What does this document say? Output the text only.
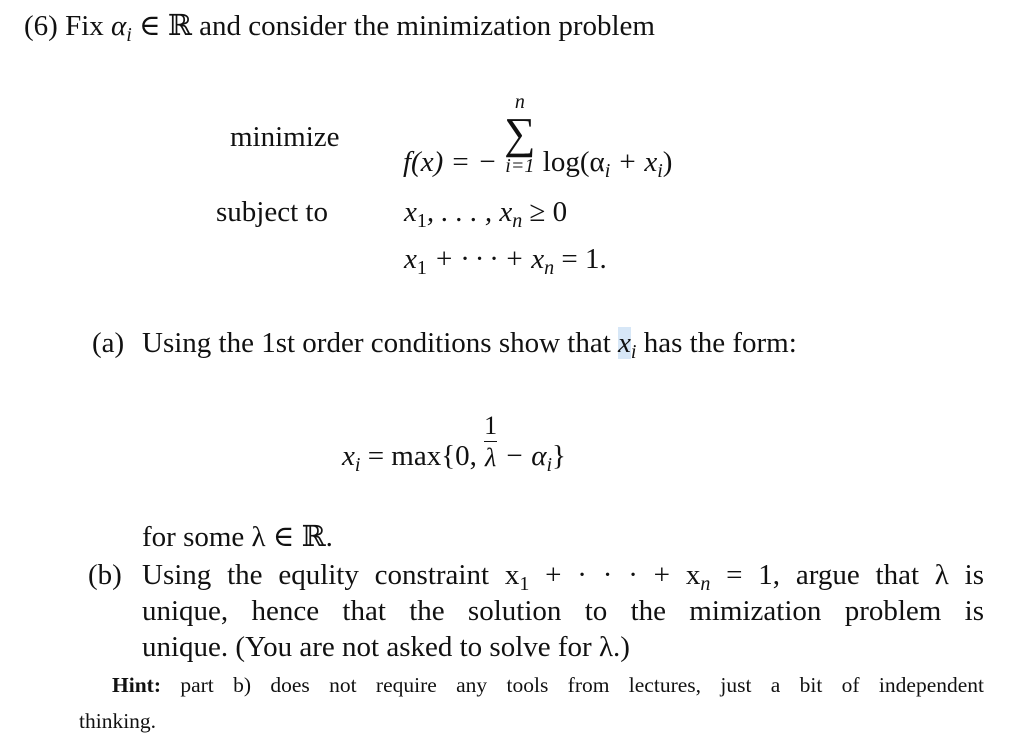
(6) Fix $\alpha_i$ ∈ ℝ and consider the minimization problem
minimize
f(x) = −
n
∑
i=1 $\log(\alpha_i + x_i)$
subject to	$x_1$, . . . , $x_n \ge 0$
$x_1$ + · · · + $x_n = 1$.
(a) Using the 1st order conditions show that $x_i$ has the form:
$x_i = \max\{0$, $\frac{1}{\lambda} - \alpha_i$}
for some λ ∈ ℝ.
(b) Using the equlity constraint $x_1$ + · · · + $x_n = 1$, argue that λ is
unique, hence that the solution to the mimization problem is
unique. (You are not asked to solve for λ.)
Hint: part b) does not require any tools from lectures, just a bit of independent
thinking.
